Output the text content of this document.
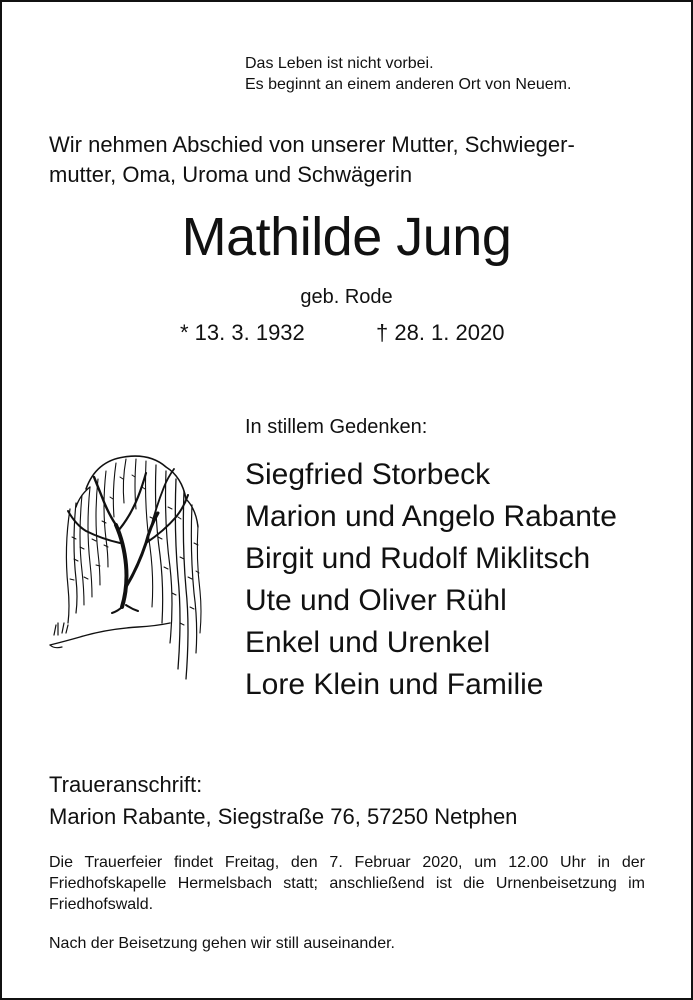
Das Leben ist nicht vorbei.
Es beginnt an einem anderen Ort von Neuem.
Wir nehmen Abschied von unserer Mutter, Schwieger-
mutter, Oma, Uroma und Schwägerin
Mathilde Jung
geb. Rode
* 13. 3. 1932	† 28. 1. 2020
In stillem Gedenken:
Siegfried Storbeck
Marion und Angelo Rabante
Birgit und Rudolf Miklitsch
Ute und Oliver Rühl
Enkel und Urenkel
Lore Klein und Familie
Traueranschrift:
Marion Rabante, Siegstraße 76, 57250 Netphen
Die Trauerfeier findet Freitag, den 7. Februar 2020, um 12.00 Uhr in der Friedhofskapelle Hermelsbach statt; anschließend ist die Urnenbeisetzung im Friedhofswald.
Nach der Beisetzung gehen wir still auseinander.
